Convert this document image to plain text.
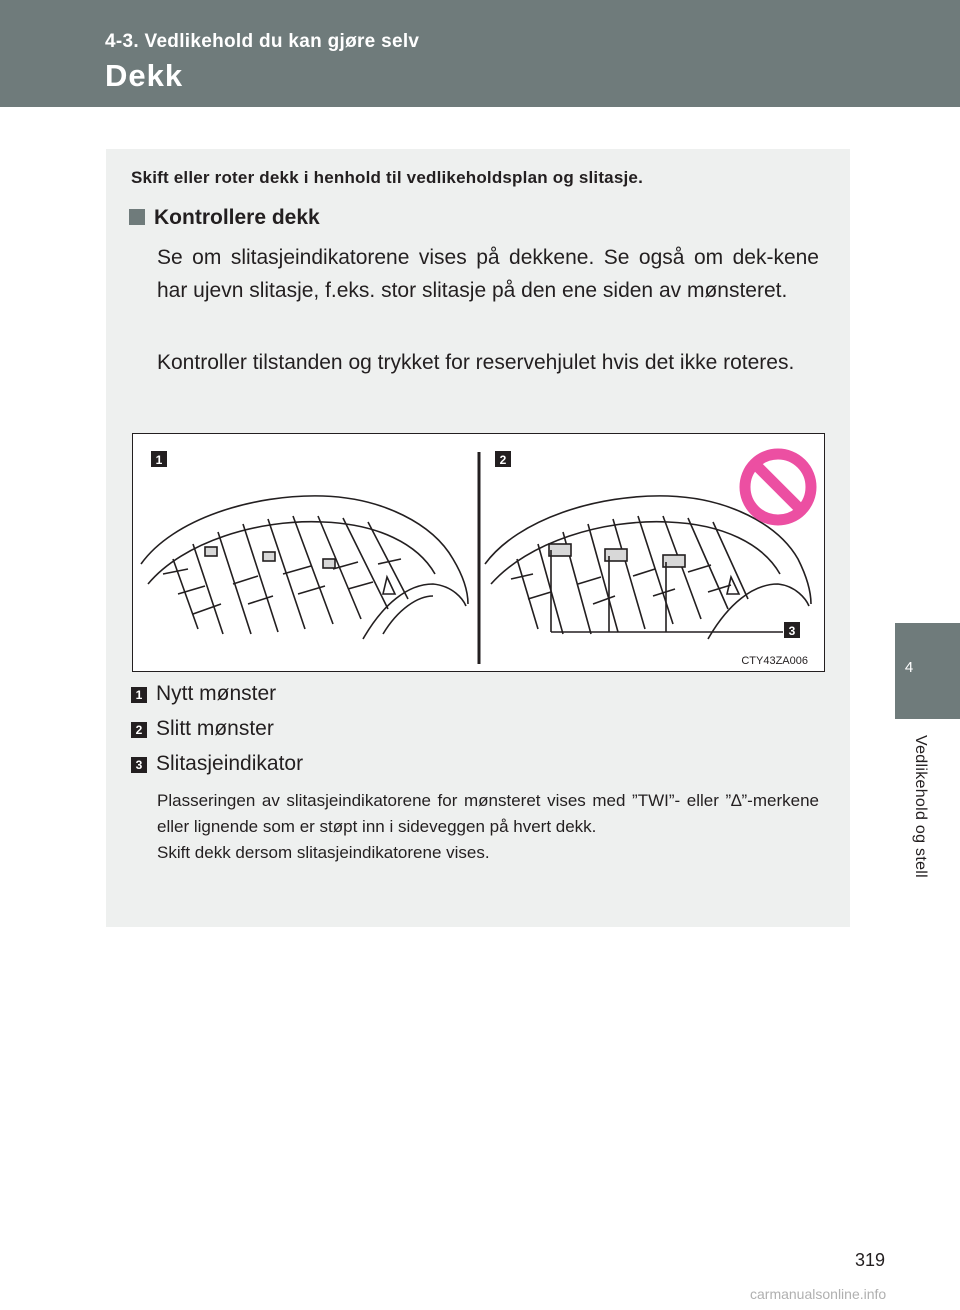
4-3. Vedlikehold du kan gjøre selv
Dekk
4
Vedlikehold og stell
Skift eller roter dekk i henhold til vedlikeholdsplan og slitasje.
Kontrollere dekk
Se om slitasjeindikatorene vises på dekkene. Se også om dek-kene har ujevn slitasje, f.eks. stor slitasje på den ene siden av mønsteret.
Kontroller tilstanden og trykket for reservehjulet hvis det ikke roteres.
1	2
3
CTY43ZA006
1 Nytt mønster
2 Slitt mønster
3 Slitasjeindikator

Plasseringen av slitasjeindikatorene for mønsteret vises med ”TWI”- eller ”∆”-merkene eller lignende som er støpt inn i sideveggen på hvert dekk.

Skift dekk dersom slitasjeindikatorene vises.

319
carmanualsonline.info
